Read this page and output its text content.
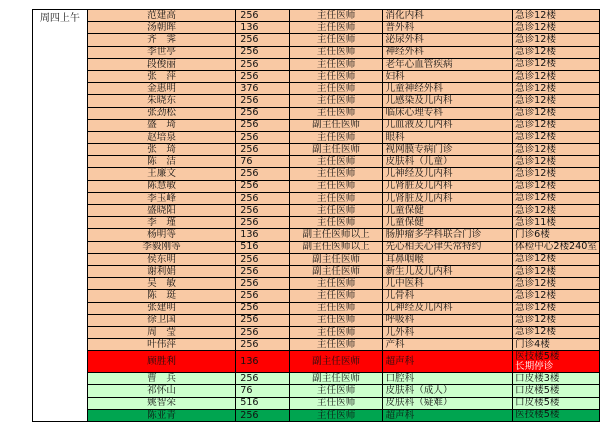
周四上午	范建高	256	主任医师	消化内科	急诊12楼

	汤朝晖	136	主任医师	普外科	急诊12楼

	齐　霁	256	主任医师	泌尿外科	急诊12楼

	李世亭	256	主任医师	神经外科	急诊12楼

	段俊丽	256	主任医师	老年心血管疾病	急诊12楼

	张　萍	256	主任医师	妇科	急诊12楼

	金惠明	376	主任医师	儿童神经外科	急诊12楼

	朱晓东	256	主任医师	儿感染及儿内科	急诊12楼

	张劲松	256	主任医师	临床心理专科	急诊12楼

	盛　琦	256	副主任医师	儿血液及儿内科	急诊12楼

	赵培泉	256	主任医师	眼科	急诊12楼

	张　琦	256	副主任医师	视网膜专病门诊	急诊12楼

	陈　洁	76	主任医师	皮肤科（儿童）	急诊12楼

	王廉文	256	主任医师	儿神经及儿内科	急诊12楼

	陈慧敏	256	主任医师	儿肾脏及儿内科	急诊12楼

	李玉峰	256	主任医师	儿肾脏及儿内科	急诊12楼

	盛晓阳	256	主任医师	儿童保健	急诊12楼

	李　瑾	256	主任医师	儿童保健	急诊11楼

	杨明等	136	副主任医师以上	肠肿瘤多学科联合门诊	门诊6楼

	李毅刚等	516	副主任医师以上	先心相关心律失常特约	体检中心2楼240室

	侯东明	256	副主任医师	耳鼻咽喉	急诊12楼

	谢利娟	256	副主任医师	新生儿及儿内科	急诊12楼

	吴　敏	256	主任医师	儿中医科	急诊12楼

	陈　珽	256	主任医师	儿骨科	急诊12楼

	张建明	256	主任医师	儿神经及儿内科	急诊12楼

	徐卫国	256	主任医师	呼吸科	急诊12楼

	周　莹	256	主任医师	儿外科	急诊12楼

	叶伟萍	256	主任医师	产科	门诊4楼

	顾胜利	136	副主任医师	超声科	医技楼5楼
长期停诊

	曹　兵	256	副主任医师	口腔科	口皮楼3楼

	祁怀山	76	主任医师	皮肤科（成人）	口皮楼5楼

	姚智荣	516	主任医师	皮肤科（疑难）	口皮楼5楼

	陈亚青	256	主任医师	超声科	医技楼5楼
